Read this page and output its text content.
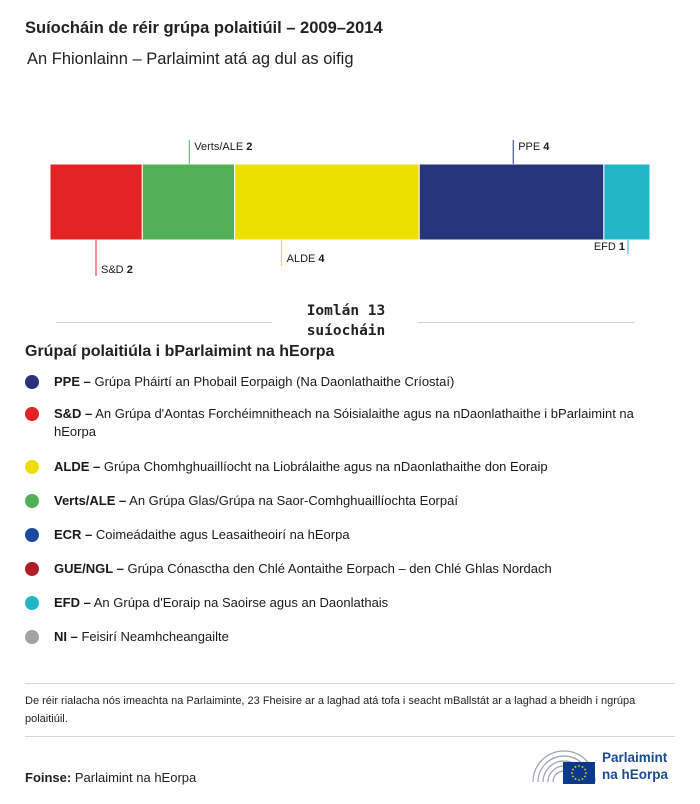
Suíocháin de réir grúpa polaitiúil – 2009–2014
An Fhionlainn – Parlaimint atá ag dul as oifig
S&D 2
Verts/ALE 2
ALDE 4
PPE 4
EFD 1
Iomlán 13
suíocháin
Grúpaí polaitiúla i bParlaimint na hEorpa
PPE – Grúpa Pháirtí an Phobail Eorpaigh (Na Daonlathaithe Críostaí)
S&D – An Grúpa d'Aontas Forchéimnitheach na Sóisialaithe agus na nDaonlathaithe i bParlaimint na hEorpa
ALDE – Grúpa Chomhghuaillíocht na Liobrálaithe agus na nDaonlathaithe don Eoraip
Verts/ALE – An Grúpa Glas/Grúpa na Saor-Comhghuaillíochta Eorpaí
ECR – Coimeádaithe agus Leasaitheoirí na hEorpa
GUE/NGL – Grúpa Cónasctha den Chlé Aontaithe Eorpach – den Chlé Ghlas Nordach
EFD – An Grúpa d'Eoraip na Saoirse agus an Daonlathais
NI – Feisirí Neamhcheangailte
De réir rialacha nós imeachta na Parlaiminte, 23 Fheisire ar a laghad atá tofa i seacht mBallstát ar a laghad a bheidh i ngrúpa polaitiúil.
Foinse: Parlaimint na hEorpa
Parlaimint
na hEorpa
